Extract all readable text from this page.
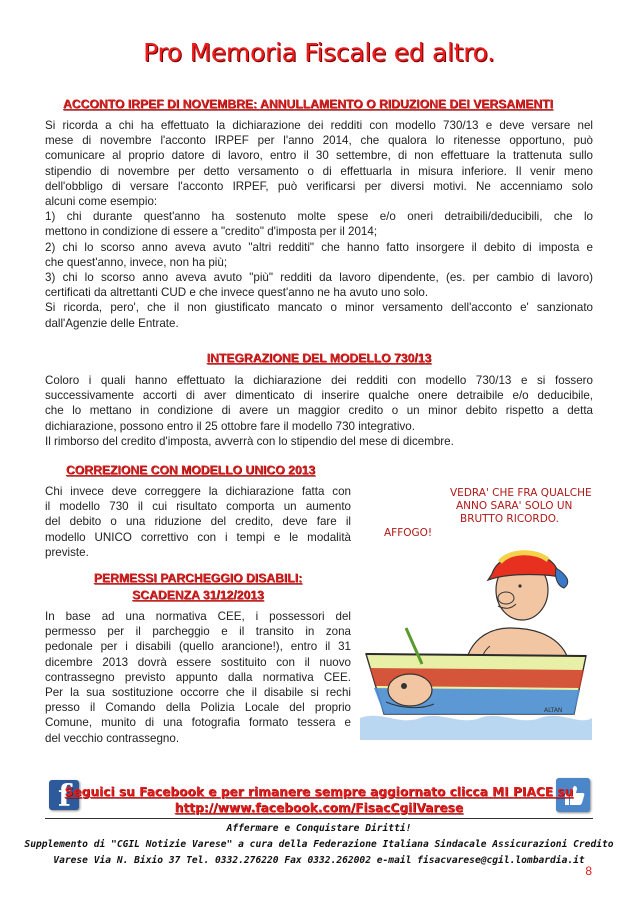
Pro Memoria Fiscale ed altro.
ACCONTO IRPEF DI NOVEMBRE: ANNULLAMENTO O RIDUZIONE DEI VERSAMENTI
Si ricorda a chi ha effettuato la dichiarazione dei redditi con modello 730/13 e deve versare nel
mese di novembre l'acconto IRPEF per l'anno 2014, che qualora lo ritenesse opportuno, può
comunicare al proprio datore di lavoro, entro il 30 settembre, di non effettuare la trattenuta sullo
stipendio di novembre per detto versamento o di effettuarla in misura inferiore. Il venir meno
dell'obbligo di versare l'acconto IRPEF, può verificarsi per diversi motivi. Ne accenniamo solo
alcuni come esempio:
1) chi durante quest'anno ha sostenuto molte spese e/o oneri detraibili/deducibili, che lo
mettono in condizione di essere a "credito" d'imposta per il 2014;
2) chi lo scorso anno aveva avuto "altri redditi" che hanno fatto insorgere il debito di imposta e
che quest'anno, invece, non ha più;
3) chi lo scorso anno aveva avuto "più" redditi da lavoro dipendente, (es. per cambio di lavoro)
certificati da altrettanti CUD e che invece quest'anno ne ha avuto uno solo.
Si ricorda, pero', che il non giustificato mancato o minor versamento dell'acconto e' sanzionato
dall'Agenzie delle Entrate.
INTEGRAZIONE DEL MODELLO 730/13
Coloro i quali hanno effettuato la dichiarazione dei redditi con modello 730/13 e si fossero
successivamente accorti di aver dimenticato di inserire qualche onere detraibile e/o deducibile,
che lo mettano in condizione di avere un maggior credito o un minor debito rispetto a detta
dichiarazione, possono entro il 25 ottobre fare il modello 730 integrativo.
Il rimborso del credito d'imposta, avverrà con lo stipendio del mese di dicembre.
CORREZIONE CON MODELLO UNICO 2013
Chi invece deve correggere la dichiarazione fatta con
il modello 730 il cui risultato comporta un aumento
del debito o una riduzione del credito, deve fare il
modello UNICO correttivo con i tempi e le modalità
previste.
PERMESSI PARCHEGGIO DISABILI:
SCADENZA 31/12/2013
In base ad una normativa CEE, i possessori del
permesso per il parcheggio e il transito in zona
pedonale per i disabili (quello arancione!), entro il 31
dicembre 2013 dovrà essere sostituito con il nuovo
contrassegno previsto appunto dalla normativa CEE.
Per la sua sostituzione occorre che il disabile si rechi
presso il Comando della Polizia Locale del proprio
Comune, munito di una fotografia formato tessera e
del vecchio contrassegno.
VEDRA' CHE FRA QUALCHE
ANNO SARA' SOLO UN
BRUTTO RICORDO.
AFFOGO!
ALTAN
f

Seguici su Facebook e per rimanere sempre aggiornato clicca MI PIACE su

http://www.facebook.com/FisacCgilVarese

Affermare e Conquistare Diritti!

Supplemento di "CGIL Notizie Varese" a cura della Federazione Italiana Sindacale Assicurazioni Credito

Varese Via N. Bixio 37 Tel. 0332.276220 Fax 0332.262002 e-mail fisacvarese@cgil.lombardia.it

8
